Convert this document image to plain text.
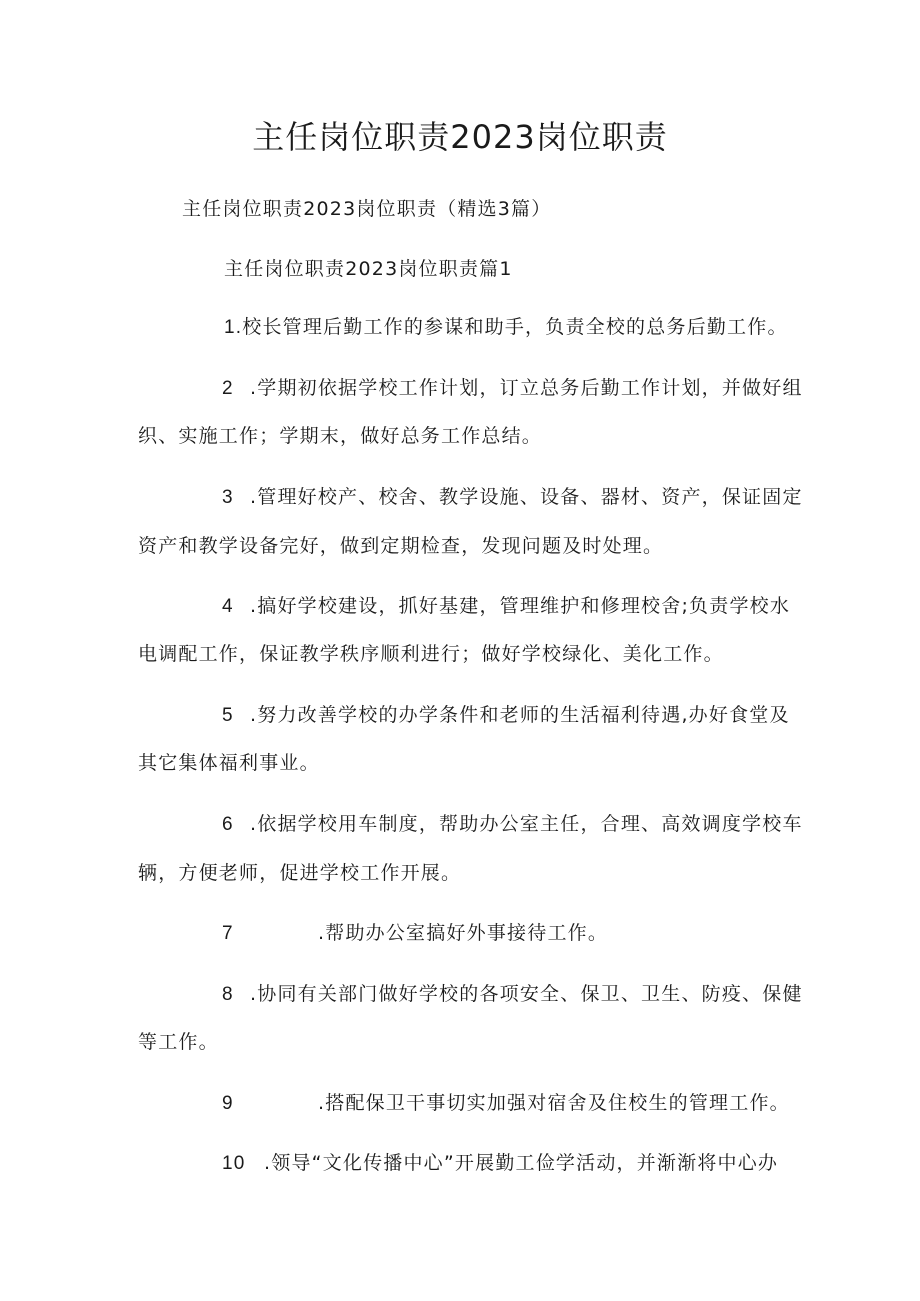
主任岗位职责2023岗位职责
主任岗位职责2023岗位职责（精选3篇）
主任岗位职责2023岗位职责篇1
1.校长管理后勤工作的参谋和助手，负责全校的总务后勤工作。
2 .学期初依据学校工作计划，订立总务后勤工作计划，并做好组
织、实施工作；学期末，做好总务工作总结。
3 .管理好校产、校舍、教学设施、设备、器材、资产，保证固定
资产和教学设备完好，做到定期检查，发现问题及时处理。
4 .搞好学校建设，抓好基建，管理维护和修理校舍;负责学校水
电调配工作，保证教学秩序顺利进行；做好学校绿化、美化工作。
5 .努力改善学校的办学条件和老师的生活福利待遇,办好食堂及
其它集体福利事业。
6 .依据学校用车制度，帮助办公室主任，合理、高效调度学校车
辆，方便老师，促进学校工作开展。
7	.帮助办公室搞好外事接待工作。
8 .协同有关部门做好学校的各项安全、保卫、卫生、防疫、保健
等工作。
9	.搭配保卫干事切实加强对宿舍及住校生的管理工作。
10 .领导“文化传播中心”开展勤工俭学活动，并渐渐将中心办
